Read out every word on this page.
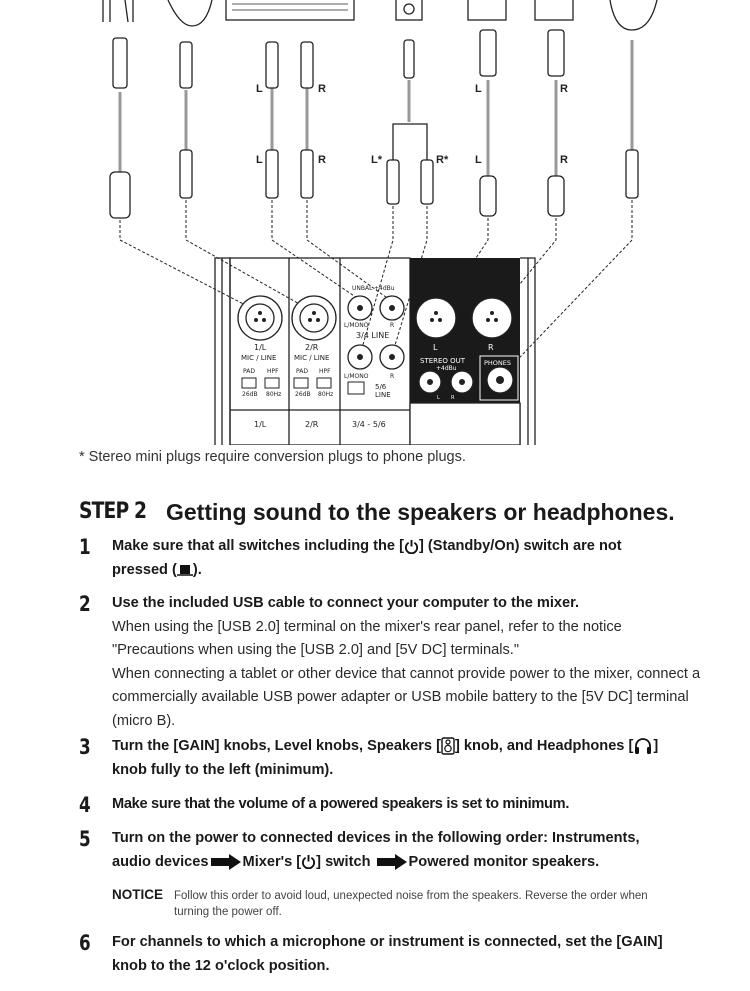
L	R
L	R	L*	R*
L	R
L	R
1/L	2/R
MIC / LINE	MIC / LINE
PAD HPF
26dB 80Hz
PAD HPF
26dB 80Hz
UNBAL +4dBu
L/MONO	R
3/4 LINE
L/MONO	R
5/6 LINE
L	R
STEREO OUT
+4dBu
PHONES
L R
1/L	2/R	3/4 - 5/6
* Stereo mini plugs require conversion plugs to phone plugs.
STEP 2 Getting sound to the speakers or headphones.
1 Make sure that all switches including the [ ] (Standby/On) switch are not
pressed ( ).
2 Use the included USB cable to connect your computer to the mixer.
When using the [USB 2.0] terminal on the mixer's rear panel, refer to the notice "Precautions when using the [USB 2.0] and [5V DC] terminals."
When connecting a tablet or other device that cannot provide power to the mixer, connect a commercially available USB power adapter or USB mobile battery to the [5V DC] terminal (micro B).
3 Turn the [GAIN] knobs, Level knobs, Speakers [ ] knob, and Headphones [ ]
knob fully to the left (minimum).
4 Make sure that the volume of a powered speakers is set to minimum.
5 Turn on the power to connected devices in the following order: Instruments,
audio devices Mixer's [ ] switch	Powered monitor speakers.
NOTICE Follow this order to avoid loud, unexpected noise from the speakers. Reverse the order when turning the power off.
6 For channels to which a microphone or instrument is connected, set the [GAIN]
knob to the 12 o'clock position.
